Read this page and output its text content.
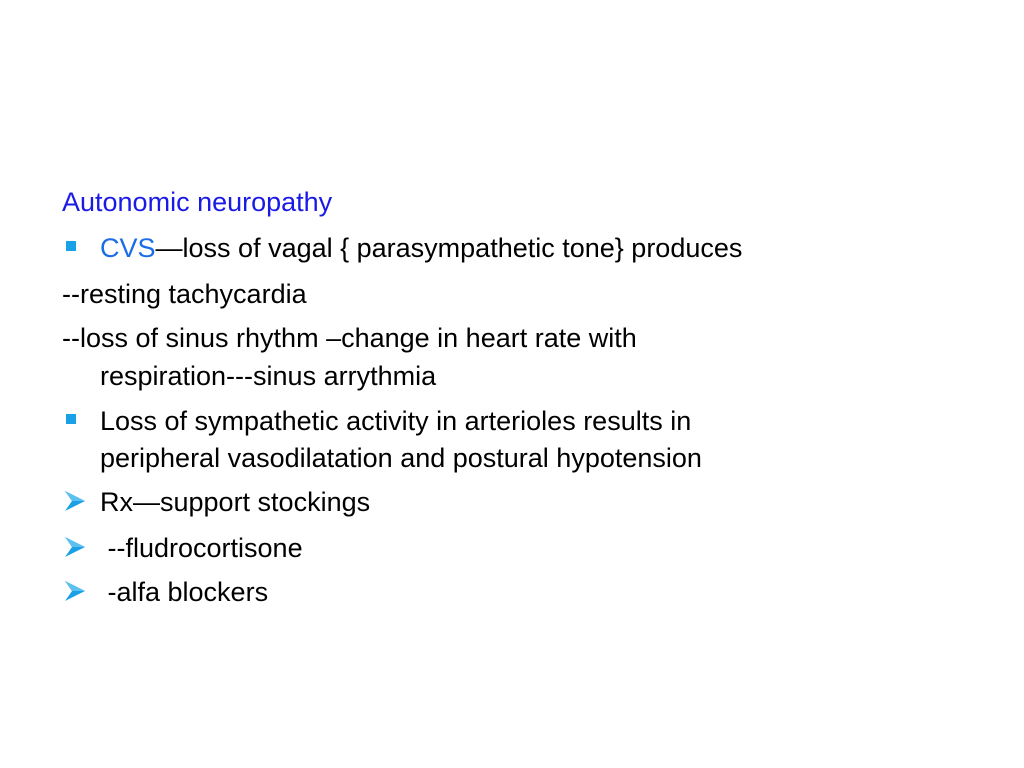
Autonomic neuropathy
CVS—loss of vagal { parasympathetic tone} produces
--resting tachycardia
--loss of sinus rhythm –change in heart rate with
respiration---sinus arrythmia
Loss of sympathetic activity in arterioles results in
peripheral vasodilatation and postural hypotension
Rx—support stockings
--fludrocortisone
-alfa blockers
